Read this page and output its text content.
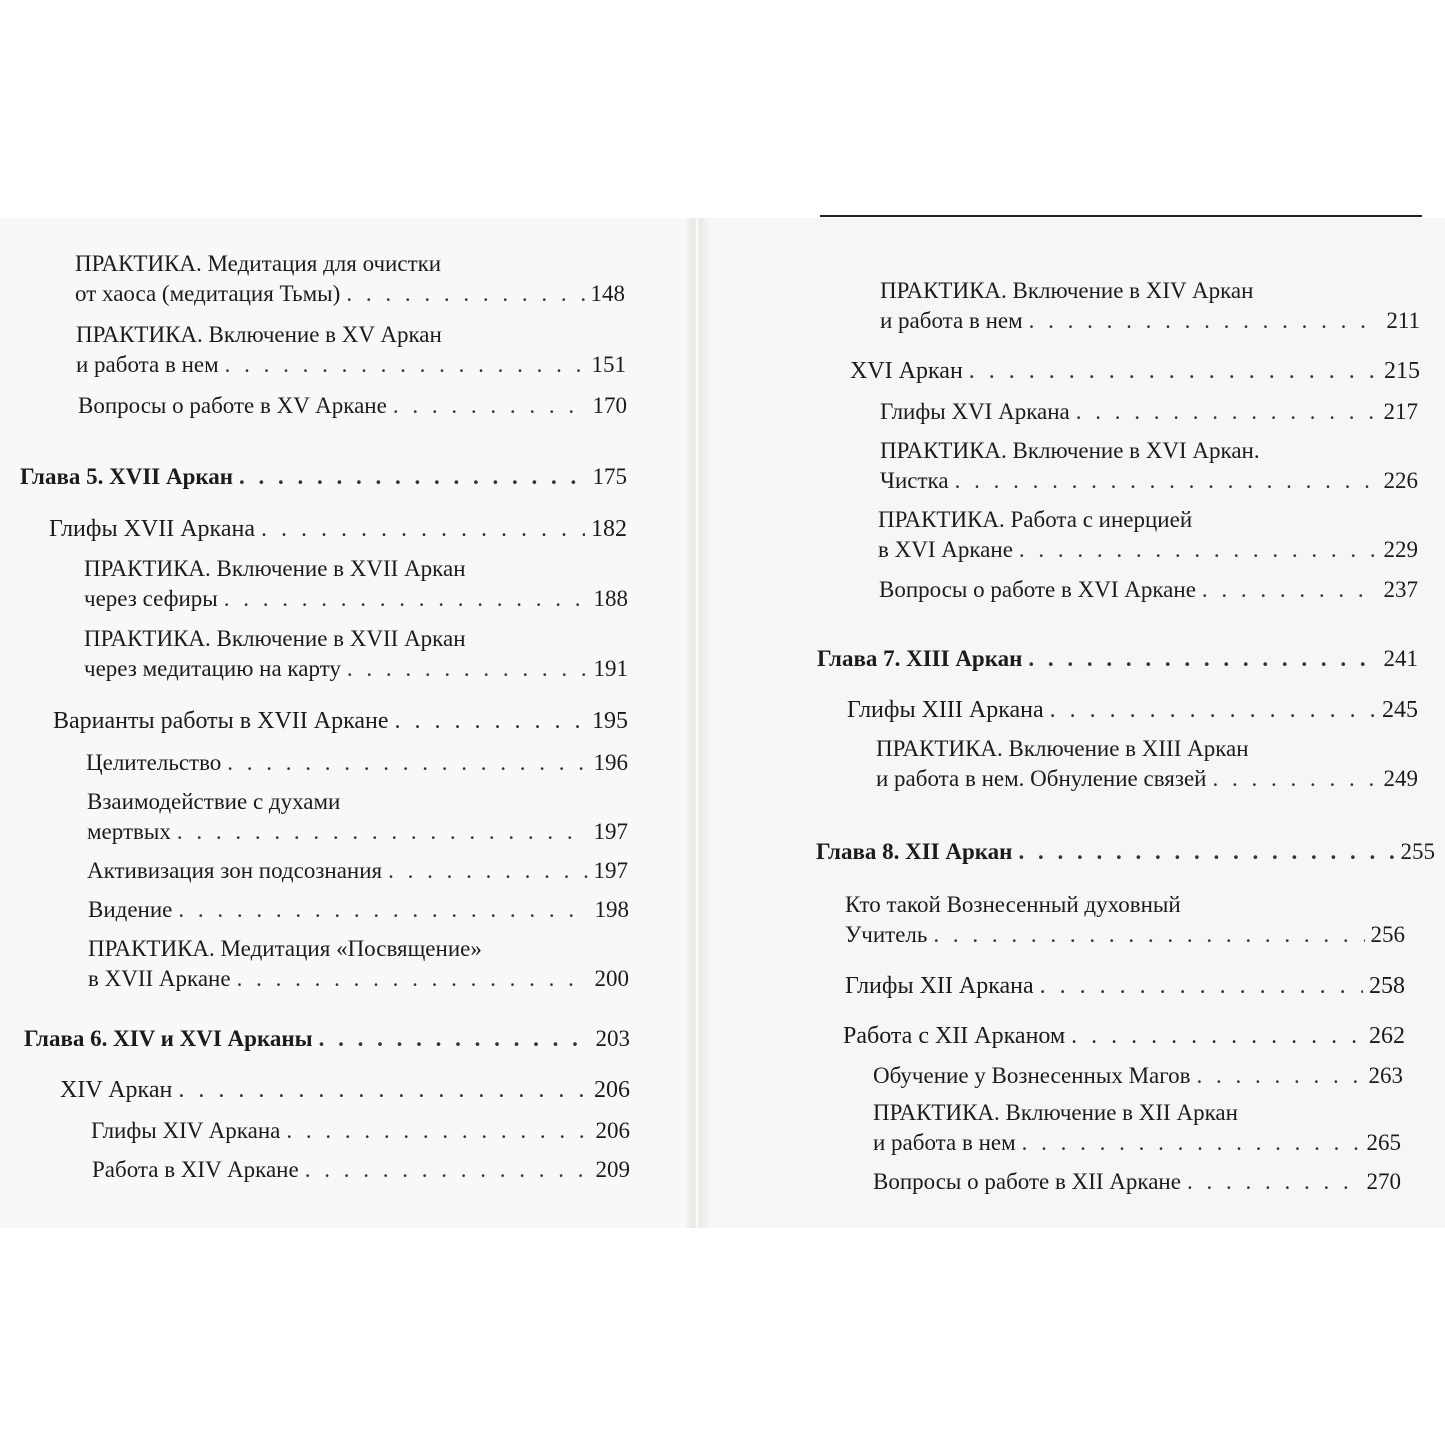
ПРАКТИКА. Медитация для очистки
от хаоса (медитация Тьмы) . . .	148
ПРАКТИКА. Включение в XV Аркан
и работа в нем . . .	151
Вопросы о работе в XV Аркане . . .	170
Глава 5. XVII Аркан . . .	175
Глифы XVII Аркана . . .	182
ПРАКТИКА. Включение в XVII Аркан
через сефиры . . .	188
ПРАКТИКА. Включение в XVII Аркан
через медитацию на карту . . .	191
Варианты работы в XVII Аркане . . .	195
Целительство . . .	196
Взаимодействие с духами
мертвых . . .	197
Активизация зон подсознания . . .	197
Видение . . .	198
ПРАКТИКА. Медитация «Посвящение»
в XVII Аркане . . .	200
Глава 6. XIV и XVI Арканы . . .	203
XIV Аркан . . .	206
Глифы XIV Аркана . . .	206
Работа в XIV Аркане . . .	209
ПРАКТИКА. Включение в XIV Аркан
и работа в нем . . .	211
XVI Аркан . . .	215
Глифы XVI Аркана . . .	217
ПРАКТИКА. Включение в XVI Аркан.
Чистка . . .	226
ПРАКТИКА. Работа с инерцией
в XVI Аркане . . .	229
Вопросы о работе в XVI Аркане . . .	237
Глава 7. XIII Аркан . . .	241
Глифы XIII Аркана . . .	245
ПРАКТИКА. Включение в XIII Аркан
и работа в нем. Обнуление связей . . .	249
Глава 8. XII Аркан . . .	255
Кто такой Вознесенный духовный
Учитель . . .	256
Глифы XII Аркана . . .	258
Работа с XII Арканом . . .	262
Обучение у Вознесенных Магов . . .	263
ПРАКТИКА. Включение в XII Аркан
и работа в нем . . .	265
Вопросы о работе в XII Аркане . . .	270
